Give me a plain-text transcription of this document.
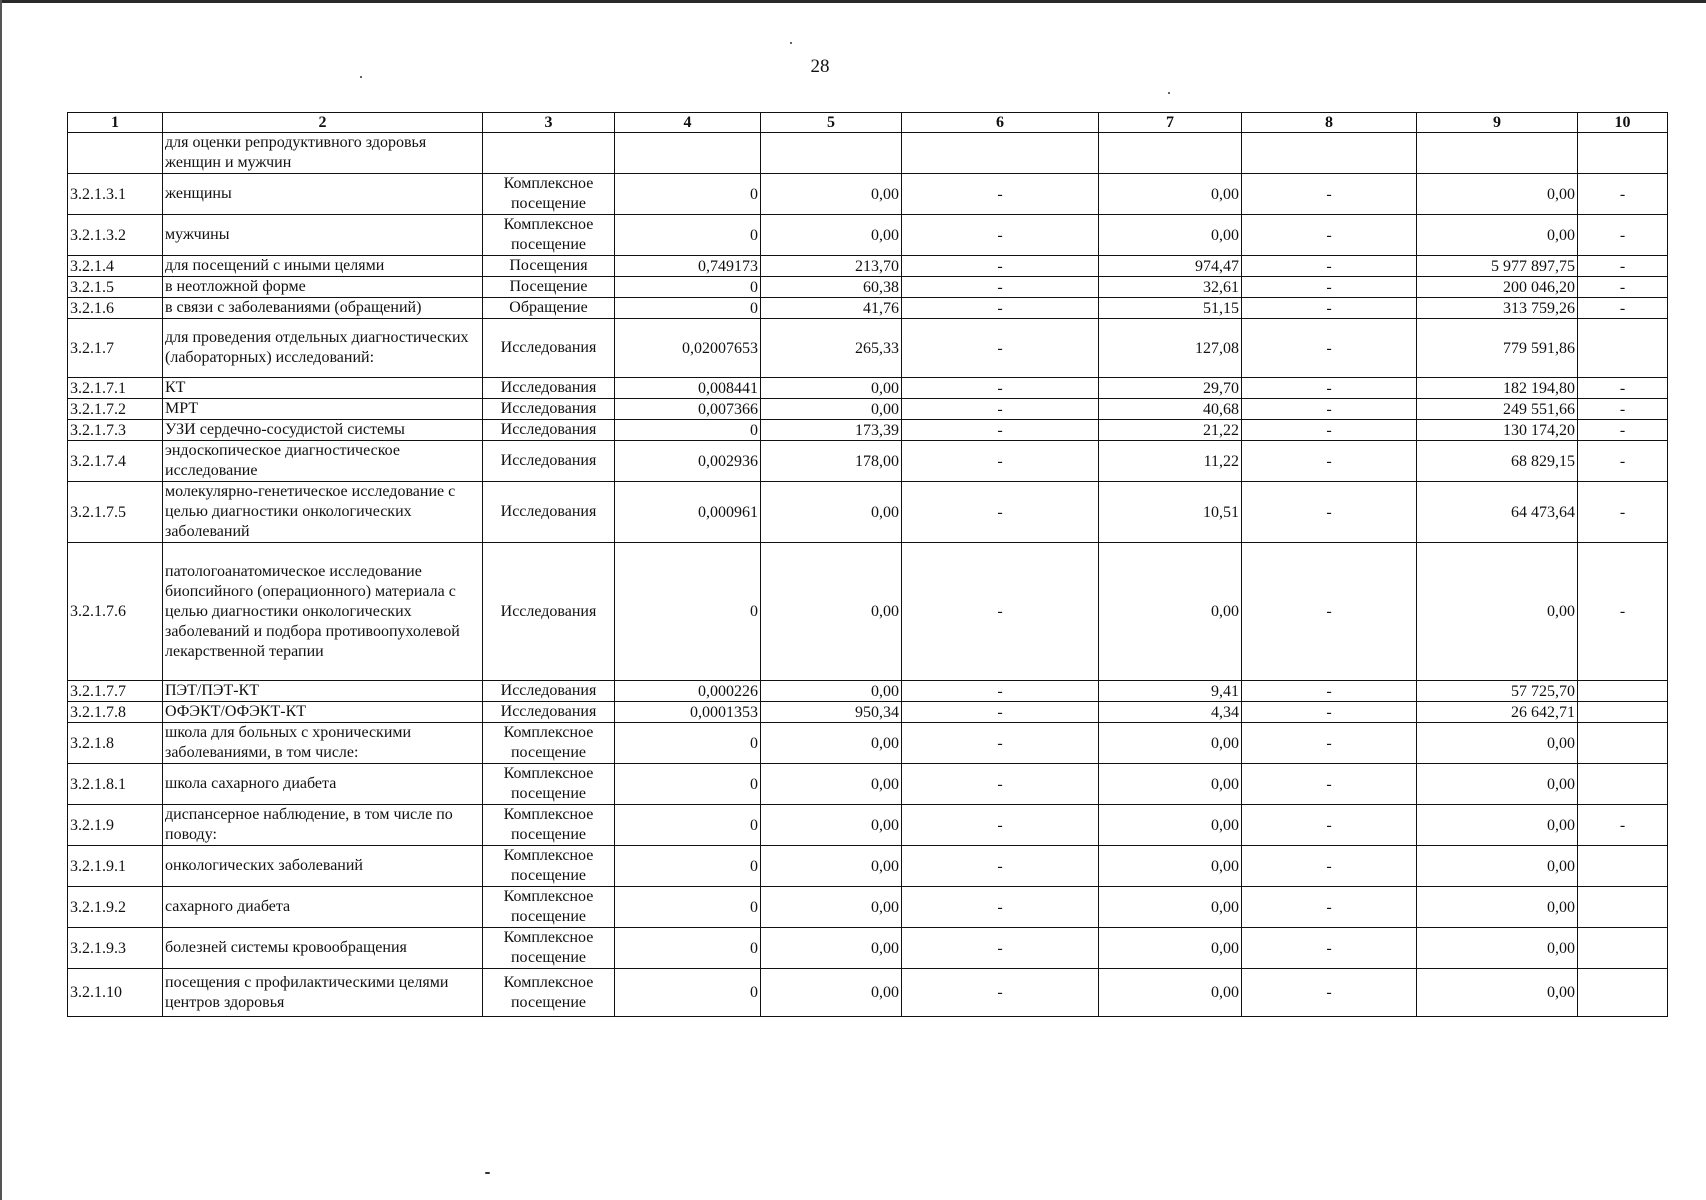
28
1	2	3	4	5	6	7	8	9	10
	для оценки репродуктивного здоровья женщин и мужчин								
3.2.1.3.1	женщины	Комплексное посещение	0	0,00	-	0,00	-	0,00	-
3.2.1.3.2	мужчины	Комплексное посещение	0	0,00	-	0,00	-	0,00	-
3.2.1.4	для посещений с иными целями	Посещения	0,749173	213,70	-	974,47	-	5 977 897,75	-
3.2.1.5	в неотложной форме	Посещение	0	60,38	-	32,61	-	200 046,20	-
3.2.1.6	в связи с заболеваниями (обращений)	Обращение	0	41,76	-	51,15	-	313 759,26	-
3.2.1.7	для проведения отдельных диагностических (лабораторных) исследований:	Исследования	0,02007653	265,33	-	127,08	-	779 591,86	
3.2.1.7.1	КТ	Исследования	0,008441	0,00	-	29,70	-	182 194,80	-
3.2.1.7.2	МРТ	Исследования	0,007366	0,00	-	40,68	-	249 551,66	-
3.2.1.7.3	УЗИ сердечно-сосудистой системы	Исследования	0	173,39	-	21,22	-	130 174,20	-
3.2.1.7.4	эндоскопическое диагностическое исследование	Исследования	0,002936	178,00	-	11,22	-	68 829,15	-
3.2.1.7.5	молекулярно-генетическое исследование с целью диагностики онкологических заболеваний	Исследования	0,000961	0,00	-	10,51	-	64 473,64	-
3.2.1.7.6	патологоанатомическое исследование биопсийного (операционного) материала с целью диагностики онкологических заболеваний и подбора противоопухолевой лекарственной терапии	Исследования	0	0,00	-	0,00	-	0,00	-
3.2.1.7.7	ПЭТ/ПЭТ-КТ	Исследования	0,000226	0,00	-	9,41	-	57 725,70	
3.2.1.7.8	ОФЭКТ/ОФЭКТ-КТ	Исследования	0,0001353	950,34	-	4,34	-	26 642,71	
3.2.1.8	школа для больных с хроническими заболеваниями, в том числе:	Комплексное посещение	0	0,00	-	0,00	-	0,00	
3.2.1.8.1	школа сахарного диабета	Комплексное посещение	0	0,00	-	0,00	-	0,00	
3.2.1.9	диспансерное наблюдение, в том числе по поводу:	Комплексное посещение	0	0,00	-	0,00	-	0,00	-
3.2.1.9.1	онкологических заболеваний	Комплексное посещение	0	0,00	-	0,00	-	0,00	
3.2.1.9.2	сахарного диабета	Комплексное посещение	0	0,00	-	0,00	-	0,00	
3.2.1.9.3	болезней системы кровообращения	Комплексное посещение	0	0,00	-	0,00	-	0,00	
3.2.1.10	посещения с профилактическими целями центров здоровья	Комплексное посещение	0	0,00	-	0,00	-	0,00	
